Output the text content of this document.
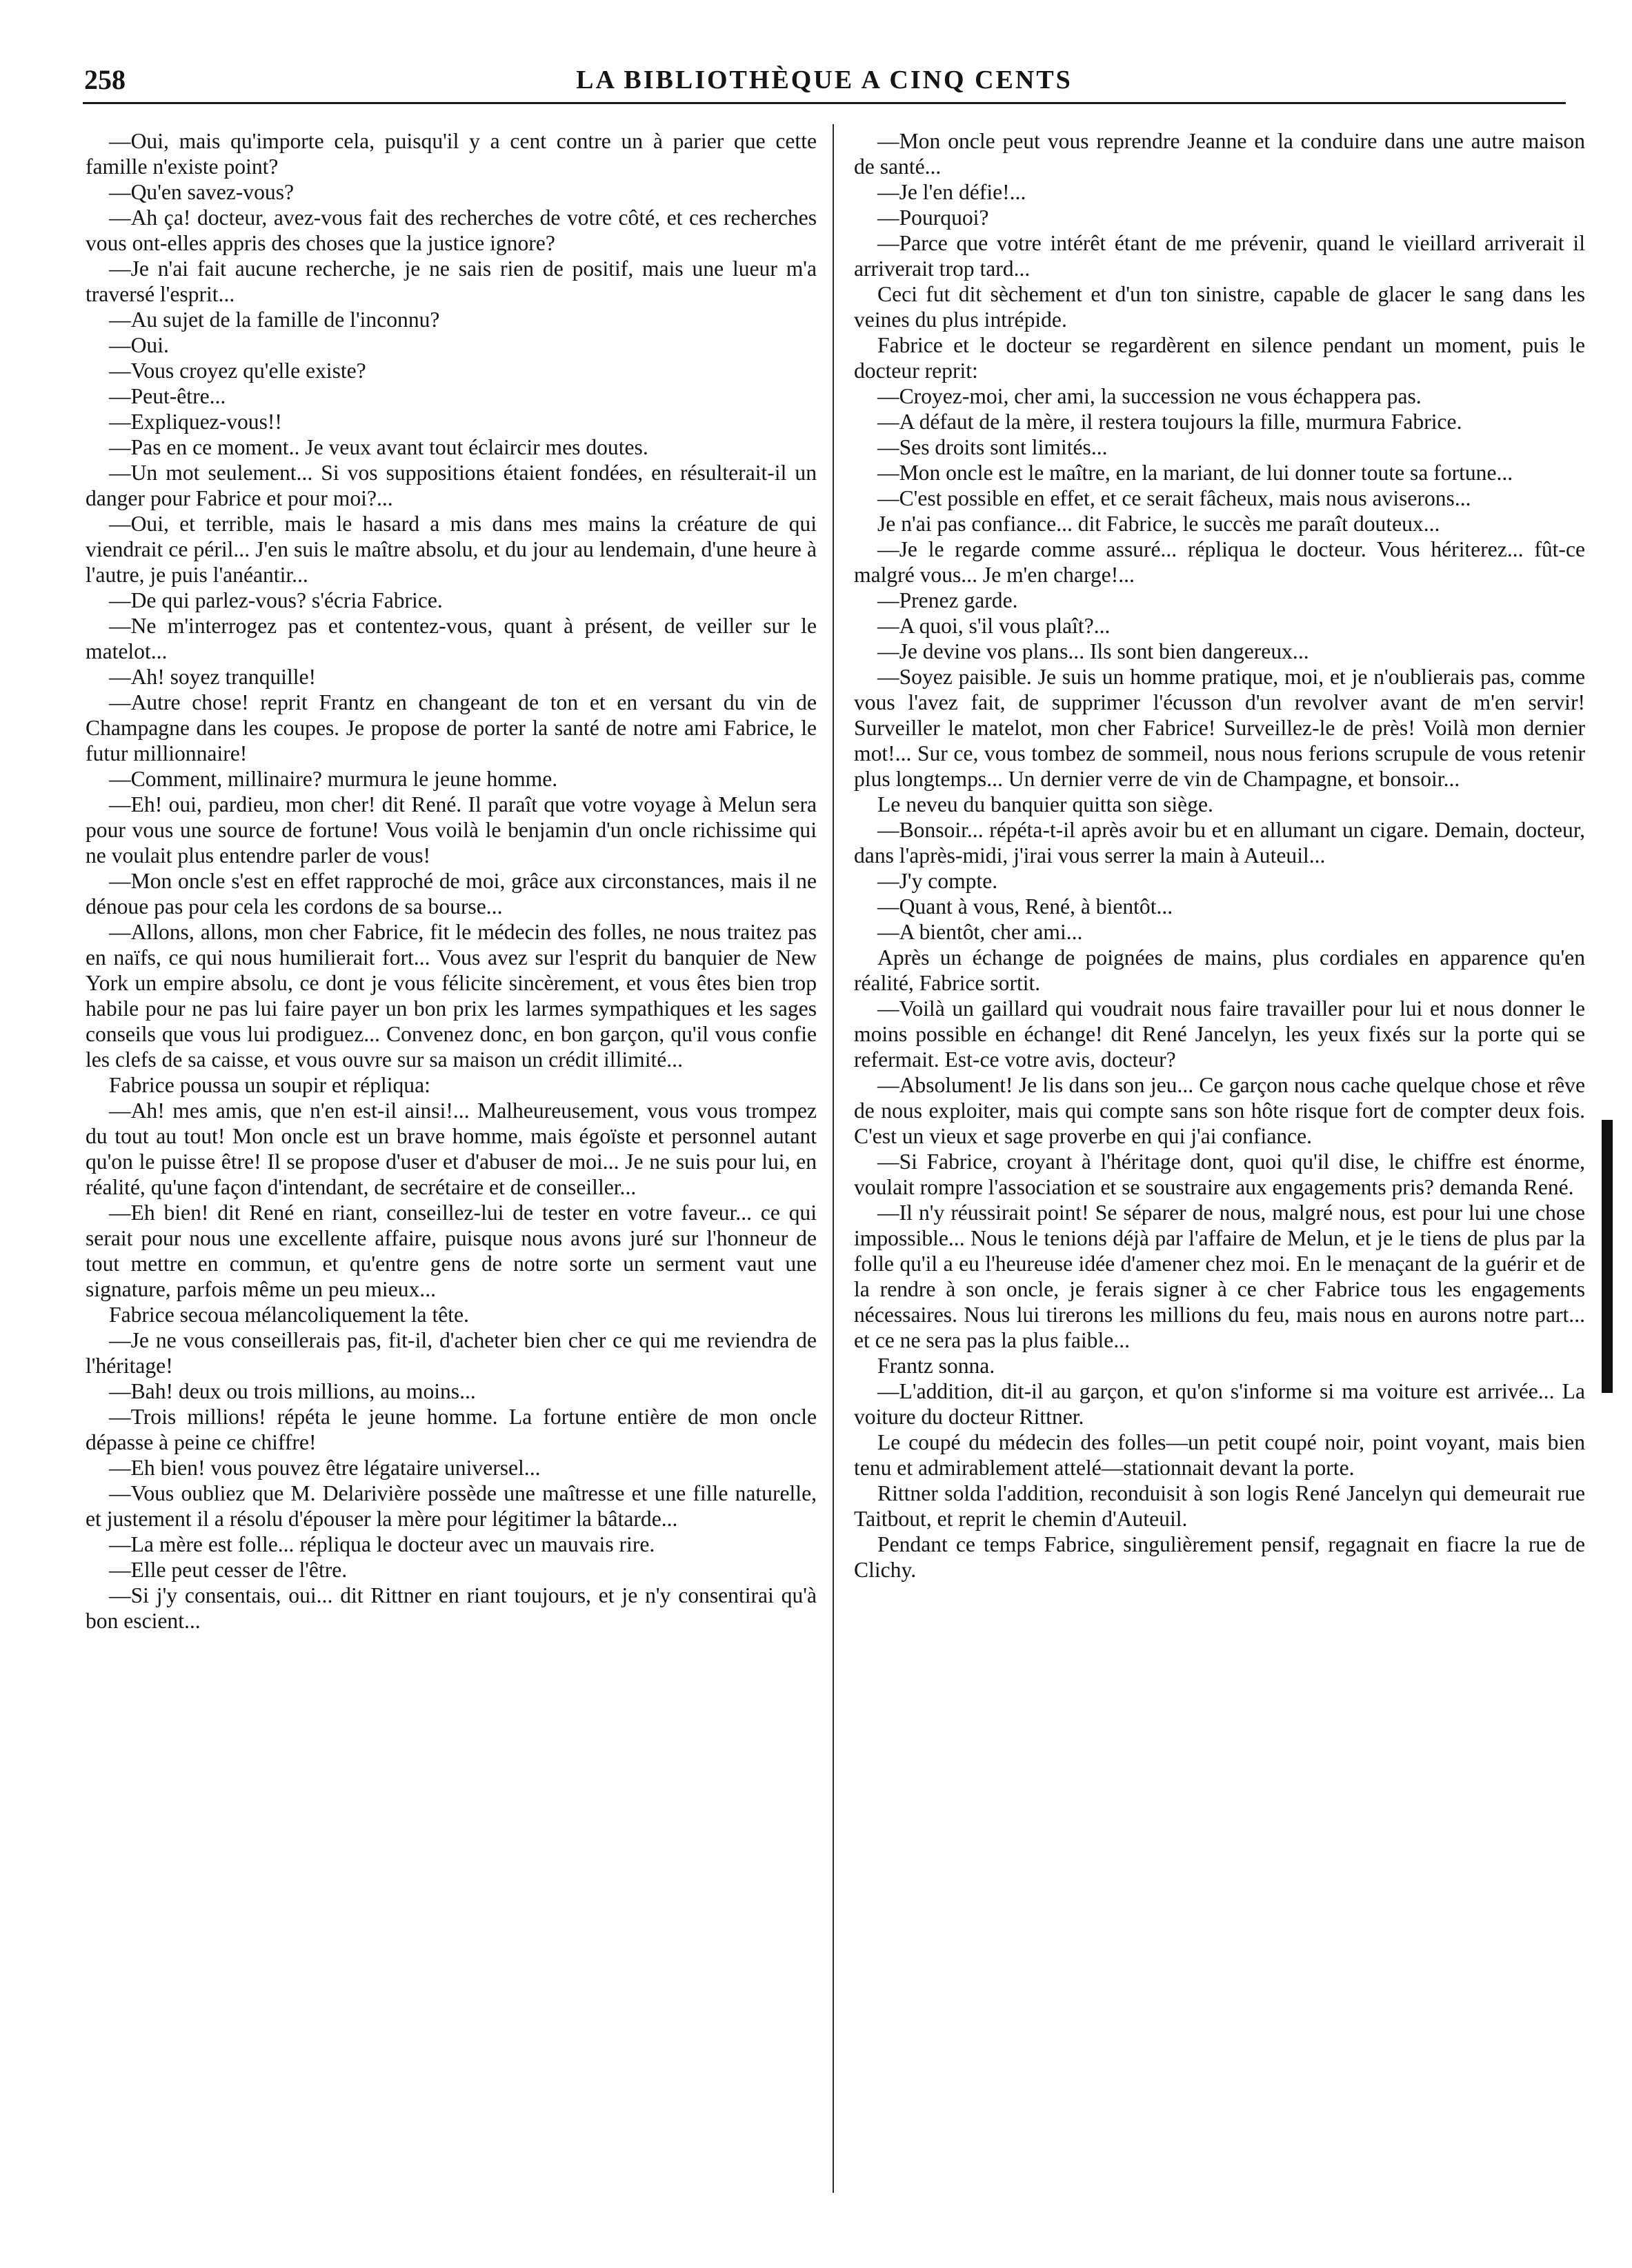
258	LA BIBLIOTHÈQUE A CINQ CENTS

—Oui, mais qu'importe cela, puisqu'il y a cent contre un à parier que cette famille n'existe point?

—Qu'en savez-vous?

—Ah ça! docteur, avez-vous fait des recherches de votre côté, et ces recherches vous ont-elles appris des choses que la justice ignore?

—Je n'ai fait aucune recherche, je ne sais rien de positif, mais une lueur m'a traversé l'esprit...

—Au sujet de la famille de l'inconnu?

—Oui.

—Vous croyez qu'elle existe?

—Peut-être...

—Expliquez-vous!!

—Pas en ce moment.. Je veux avant tout éclaircir mes doutes.

—Un mot seulement... Si vos suppositions étaient fondées, en résulterait-il un danger pour Fabrice et pour moi?...

—Oui, et terrible, mais le hasard a mis dans mes mains la créature de qui viendrait ce péril... J'en suis le maître absolu, et du jour au lendemain, d'une heure à l'autre, je puis l'anéantir...

—De qui parlez-vous? s'écria Fabrice.

—Ne m'interrogez pas et contentez-vous, quant à présent, de veiller sur le matelot...

—Ah! soyez tranquille!

—Autre chose! reprit Frantz en changeant de ton et en versant du vin de Champagne dans les coupes. Je propose de porter la santé de notre ami Fabrice, le futur millionnaire!

—Comment, millinaire? murmura le jeune homme.

—Eh! oui, pardieu, mon cher! dit René. Il paraît que votre voyage à Melun sera pour vous une source de fortune! Vous voilà le benjamin d'un oncle richissime qui ne voulait plus entendre parler de vous!

—Mon oncle s'est en effet rapproché de moi, grâce aux circonstances, mais il ne dénoue pas pour cela les cordons de sa bourse...

—Allons, allons, mon cher Fabrice, fit le médecin des folles, ne nous traitez pas en naïfs, ce qui nous humilierait fort... Vous avez sur l'esprit du banquier de New York un empire absolu, ce dont je vous félicite sincèrement, et vous êtes bien trop habile pour ne pas lui faire payer un bon prix les larmes sympathiques et les sages conseils que vous lui prodiguez... Convenez donc, en bon garçon, qu'il vous confie les clefs de sa caisse, et vous ouvre sur sa maison un crédit illimité...

Fabrice poussa un soupir et répliqua:

—Ah! mes amis, que n'en est-il ainsi!... Malheureusement, vous vous trompez du tout au tout! Mon oncle est un brave homme, mais égoïste et personnel autant qu'on le puisse être! Il se propose d'user et d'abuser de moi... Je ne suis pour lui, en réalité, qu'une façon d'intendant, de secrétaire et de conseiller...

—Eh bien! dit René en riant, conseillez-lui de tester en votre faveur... ce qui serait pour nous une excellente affaire, puisque nous avons juré sur l'honneur de tout mettre en commun, et qu'entre gens de notre sorte un serment vaut une signature, parfois même un peu mieux...

Fabrice secoua mélancoliquement la tête.

—Je ne vous conseillerais pas, fit-il, d'acheter bien cher ce qui me reviendra de l'héritage!

—Bah! deux ou trois millions, au moins...

—Trois millions! répéta le jeune homme. La fortune entière de mon oncle dépasse à peine ce chiffre!

—Eh bien! vous pouvez être légataire universel...

—Vous oubliez que M. Delarivière possède une maîtresse et une fille naturelle, et justement il a résolu d'épouser la mère pour légitimer la bâtarde...

—La mère est folle... répliqua le docteur avec un mauvais rire.

—Elle peut cesser de l'être.

—Si j'y consentais, oui... dit Rittner en riant toujours, et je n'y consentirai qu'à bon escient...

—Mon oncle peut vous reprendre Jeanne et la conduire dans une autre maison de santé...

—Je l'en défie!...

—Pourquoi?

—Parce que votre intérêt étant de me prévenir, quand le vieillard arriverait il arriverait trop tard...

Ceci fut dit sèchement et d'un ton sinistre, capable de glacer le sang dans les veines du plus intrépide.

Fabrice et le docteur se regardèrent en silence pendant un moment, puis le docteur reprit:

—Croyez-moi, cher ami, la succession ne vous échappera pas.

—A défaut de la mère, il restera toujours la fille, murmura Fabrice.

—Ses droits sont limités...

—Mon oncle est le maître, en la mariant, de lui donner toute sa fortune...

—C'est possible en effet, et ce serait fâcheux, mais nous aviserons...

Je n'ai pas confiance... dit Fabrice, le succès me paraît douteux...

—Je le regarde comme assuré... répliqua le docteur. Vous hériterez... fût-ce malgré vous... Je m'en charge!...

—Prenez garde.

—A quoi, s'il vous plaît?...

—Je devine vos plans... Ils sont bien dangereux...

—Soyez paisible. Je suis un homme pratique, moi, et je n'oublierais pas, comme vous l'avez fait, de supprimer l'écusson d'un revolver avant de m'en servir! Surveiller le matelot, mon cher Fabrice! Surveillez-le de près! Voilà mon dernier mot!... Sur ce, vous tombez de sommeil, nous nous ferions scrupule de vous retenir plus longtemps... Un dernier verre de vin de Champagne, et bonsoir...

Le neveu du banquier quitta son siège.

—Bonsoir... répéta-t-il après avoir bu et en allumant un cigare. Demain, docteur, dans l'après-midi, j'irai vous serrer la main à Auteuil...

—J'y compte.

—Quant à vous, René, à bientôt...

—A bientôt, cher ami...

Après un échange de poignées de mains, plus cordiales en apparence qu'en réalité, Fabrice sortit.

—Voilà un gaillard qui voudrait nous faire travailler pour lui et nous donner le moins possible en échange! dit René Jancelyn, les yeux fixés sur la porte qui se refermait. Est-ce votre avis, docteur?

—Absolument! Je lis dans son jeu... Ce garçon nous cache quelque chose et rêve de nous exploiter, mais qui compte sans son hôte risque fort de compter deux fois. C'est un vieux et sage proverbe en qui j'ai confiance.

—Si Fabrice, croyant à l'héritage dont, quoi qu'il dise, le chiffre est énorme, voulait rompre l'association et se soustraire aux engagements pris? demanda René.

—Il n'y réussirait point! Se séparer de nous, malgré nous, est pour lui une chose impossible... Nous le tenions déjà par l'affaire de Melun, et je le tiens de plus par la folle qu'il a eu l'heureuse idée d'amener chez moi. En le menaçant de la guérir et de la rendre à son oncle, je ferais signer à ce cher Fabrice tous les engagements nécessaires. Nous lui tirerons les millions du feu, mais nous en aurons notre part... et ce ne sera pas la plus faible...

Frantz sonna.

—L'addition, dit-il au garçon, et qu'on s'informe si ma voiture est arrivée... La voiture du docteur Rittner.

Le coupé du médecin des folles—un petit coupé noir, point voyant, mais bien tenu et admirablement attelé—stationnait devant la porte.

Rittner solda l'addition, reconduisit à son logis René Jancelyn qui demeurait rue Taitbout, et reprit le chemin d'Auteuil.

Pendant ce temps Fabrice, singulièrement pensif, regagnait en fiacre la rue de Clichy.
